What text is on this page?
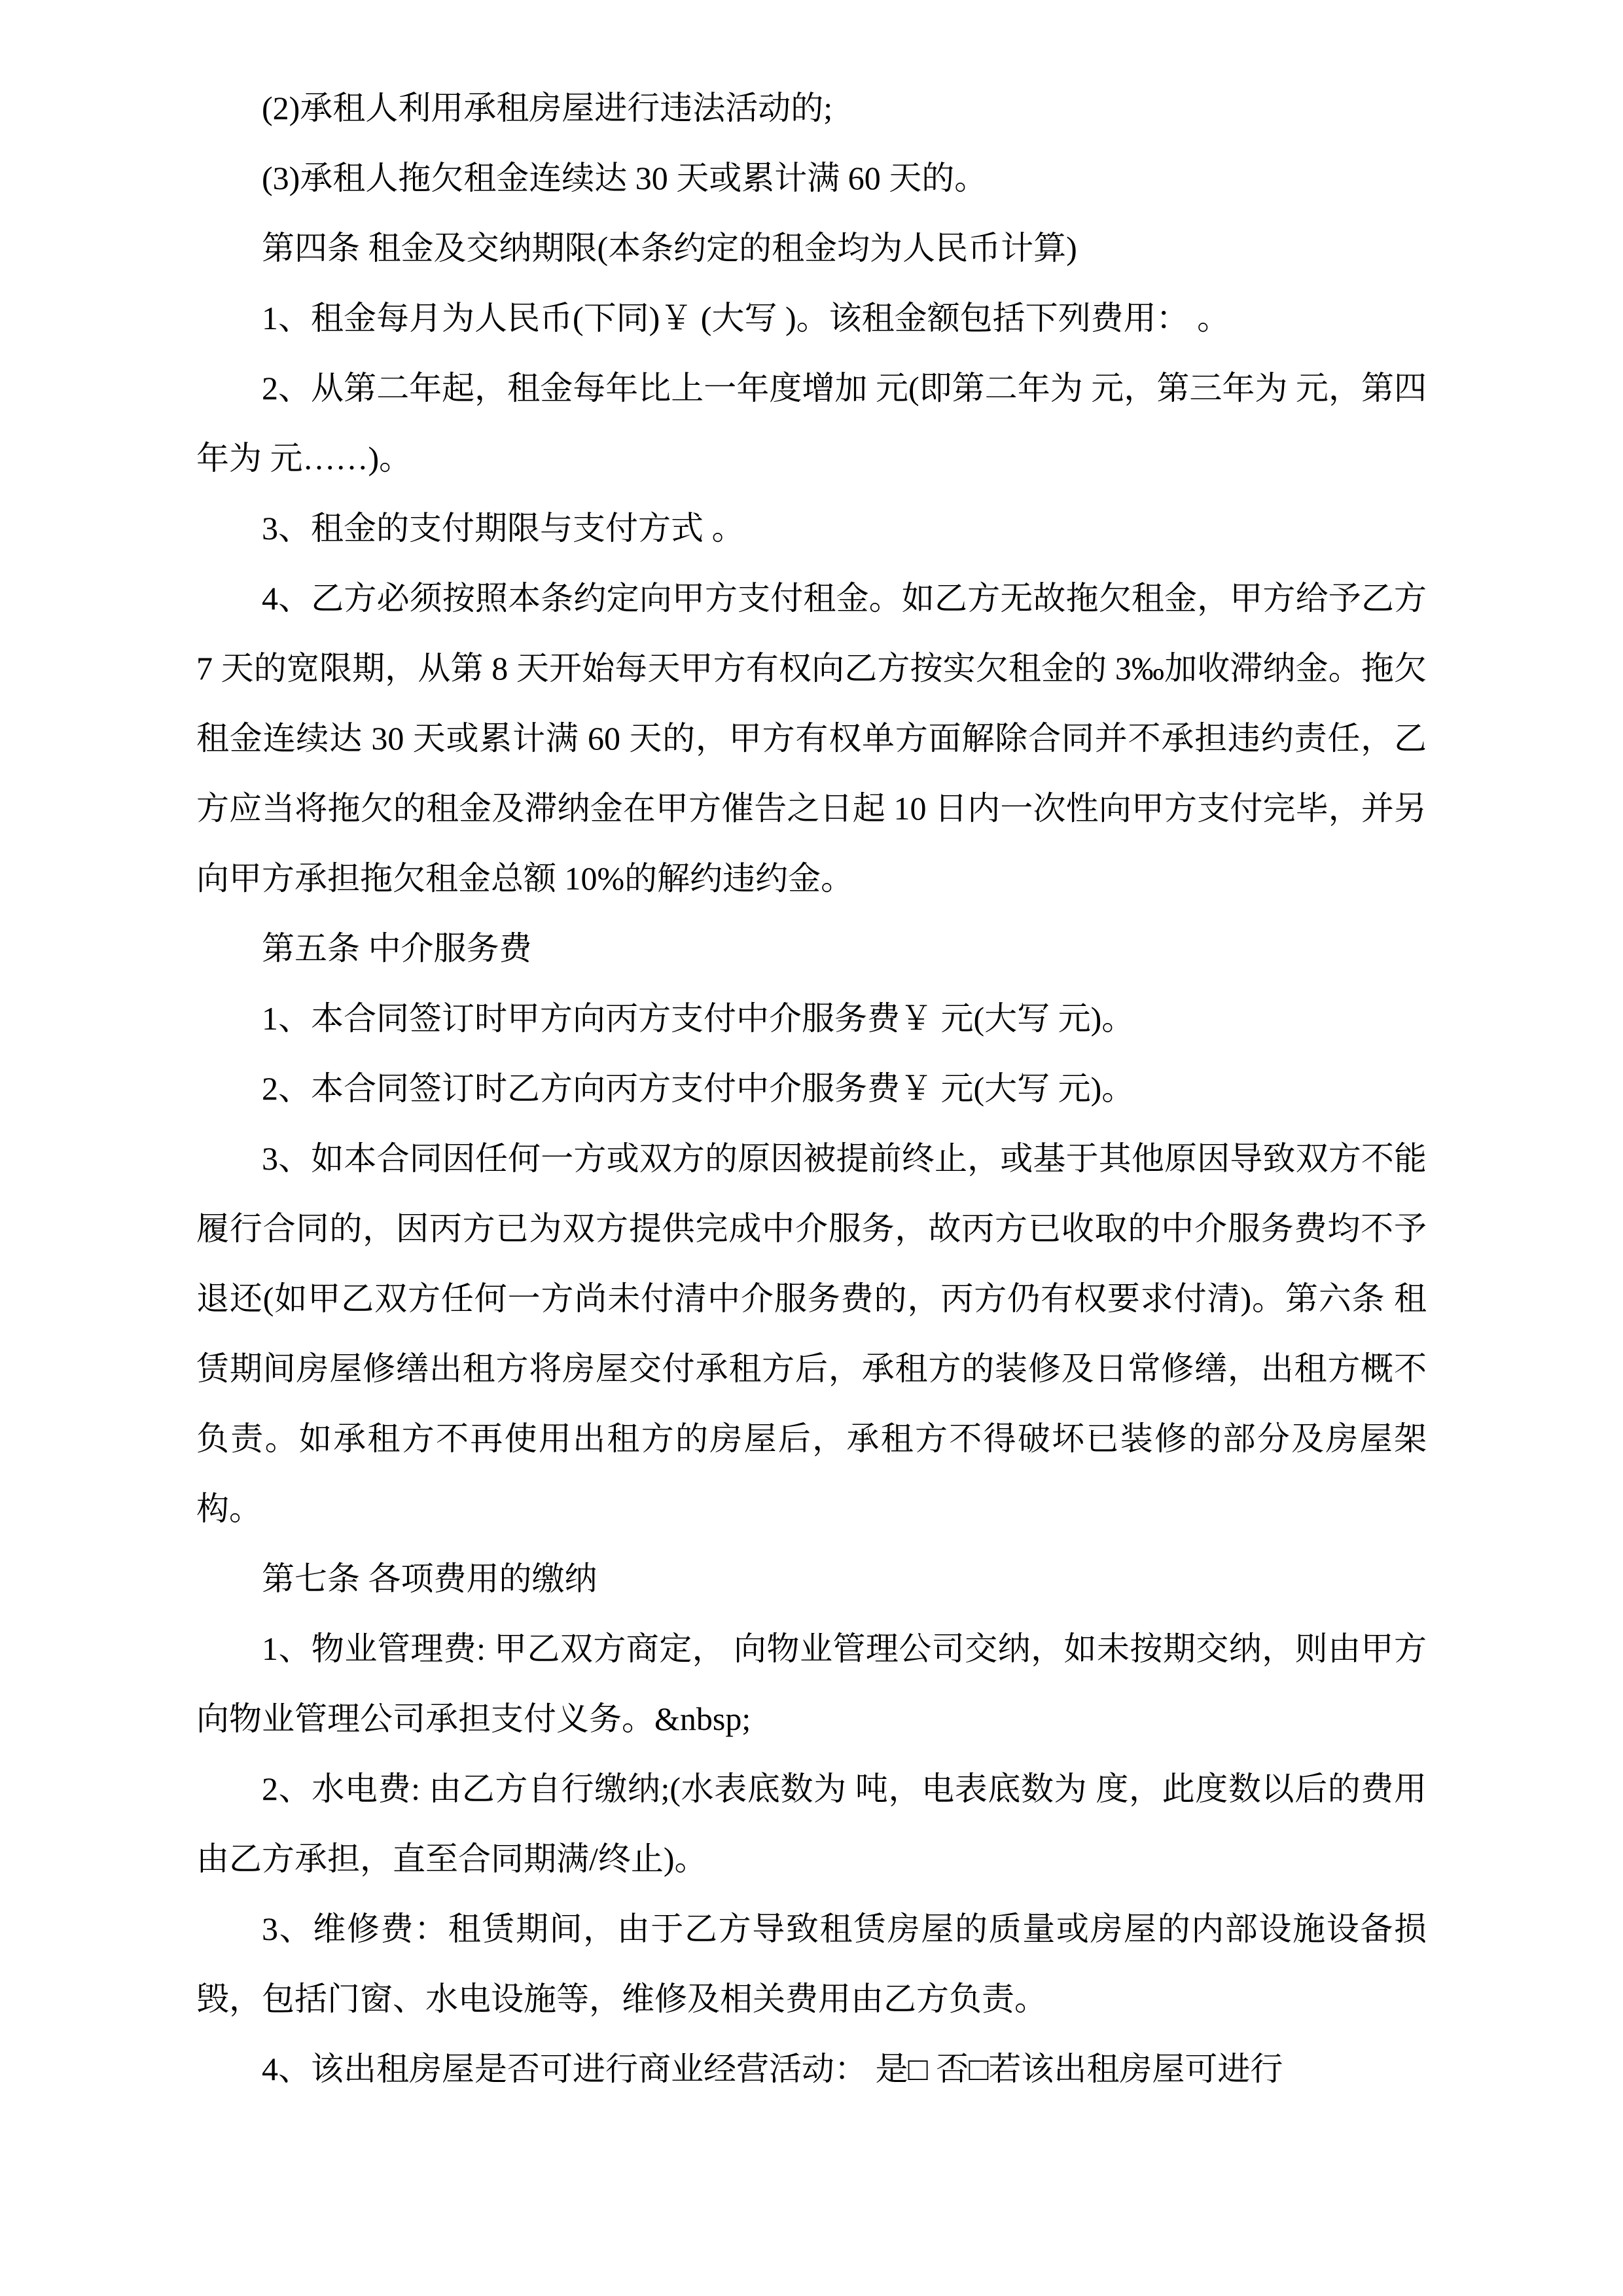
(2)承租人利用承租房屋进行违法活动的;

(3)承租人拖欠租金连续达 30 天或累计满 60 天的。

第四条 租金及交纳期限(本条约定的租金均为人民币计算)

1、租金每月为人民币(下同)￥ (大写 )。该租金额包括下列费用： 。

2、从第二年起，租金每年比上一年度增加 元(即第二年为 元，第三年为 元，第四年为 元……)。

3、租金的支付期限与支付方式 。

4、乙方必须按照本条约定向甲方支付租金。如乙方无故拖欠租金，甲方给予乙方 7 天的宽限期，从第 8 天开始每天甲方有权向乙方按实欠租金的 3‰加收滞纳金。拖欠租金连续达 30 天或累计满 60 天的，甲方有权单方面解除合同并不承担违约责任，乙方应当将拖欠的租金及滞纳金在甲方催告之日起 10 日内一次性向甲方支付完毕，并另向甲方承担拖欠租金总额 10%的解约违约金。

第五条 中介服务费

1、本合同签订时甲方向丙方支付中介服务费￥ 元(大写 元)。

2、本合同签订时乙方向丙方支付中介服务费￥ 元(大写 元)。

3、如本合同因任何一方或双方的原因被提前终止，或基于其他原因导致双方不能履行合同的，因丙方已为双方提供完成中介服务，故丙方已收取的中介服务费均不予退还(如甲乙双方任何一方尚未付清中介服务费的，丙方仍有权要求付清)。第六条 租赁期间房屋修缮出租方将房屋交付承租方后，承租方的装修及日常修缮，出租方概不负责。如承租方不再使用出租方的房屋后，承租方不得破坏已装修的部分及房屋架构。

第七条 各项费用的缴纳

1、物业管理费: 甲乙双方商定， 向物业管理公司交纳，如未按期交纳，则由甲方向物业管理公司承担支付义务。&nbsp;

2、水电费: 由乙方自行缴纳;(水表底数为 吨，电表底数为 度，此度数以后的费用由乙方承担，直至合同期满/终止)。

3、维修费：租赁期间，由于乙方导致租赁房屋的质量或房屋的内部设施设备损毁，包括门窗、水电设施等，维修及相关费用由乙方负责。

4、该出租房屋是否可进行商业经营活动： 是□ 否□若该出租房屋可进行
